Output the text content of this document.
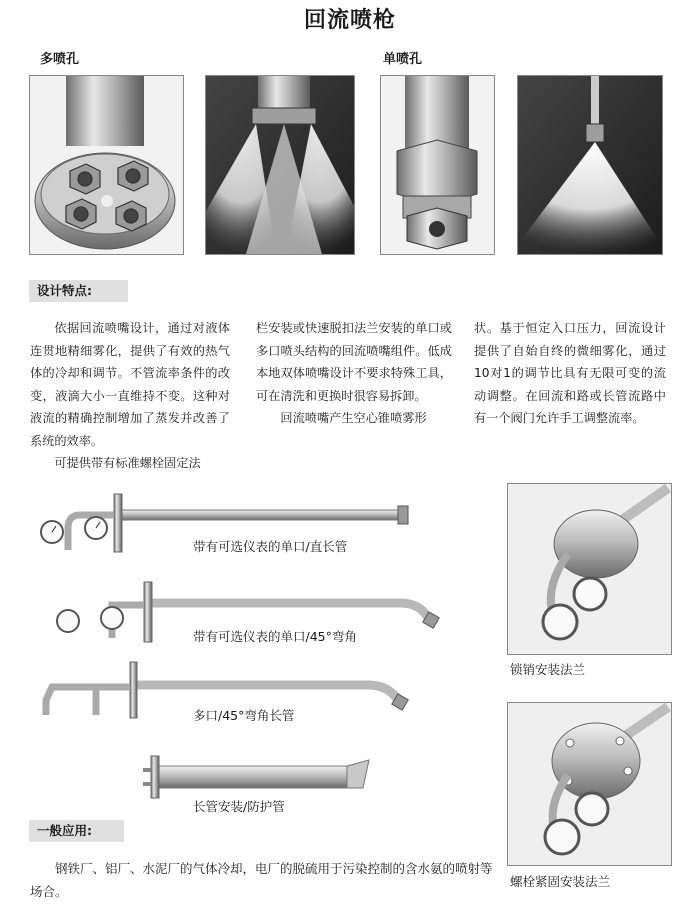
回流喷枪
多喷孔	单喷孔
设计特点:

依据回流喷嘴设计，通过对液体连贯地精细雾化，提供了有效的热气体的冷却和调节。不管流率条件的改变，液滴大小一直维持不变。这种对液流的精确控制增加了蒸发并改善了系统的效率。

可提供带有标准螺栓固定法

栏安装或快速脱扣法兰安装的单口或多口喷头结构的回流喷嘴组件。低成本地双体喷嘴设计不要求特殊工具，可在清洗和更换时很容易拆卸。

回流喷嘴产生空心锥喷雾形

状。基于恒定入口压力，回流设计提供了自始自终的微细雾化，通过10对1的调节比具有无限可变的流动调整。在回流和路或长管流路中有一个阀门允许手工调整流率。

带有可选仪表的单口/直长管
带有可选仪表的单口/45°弯角
多口/45°弯角长管
长管安装/防护管
锁销安装法兰
螺栓紧固安装法兰
一般应用:
钢铁厂、铝厂、水泥厂的气体冷却，电厂的脱硫用于污染控制的含水氨的喷射等场合。
